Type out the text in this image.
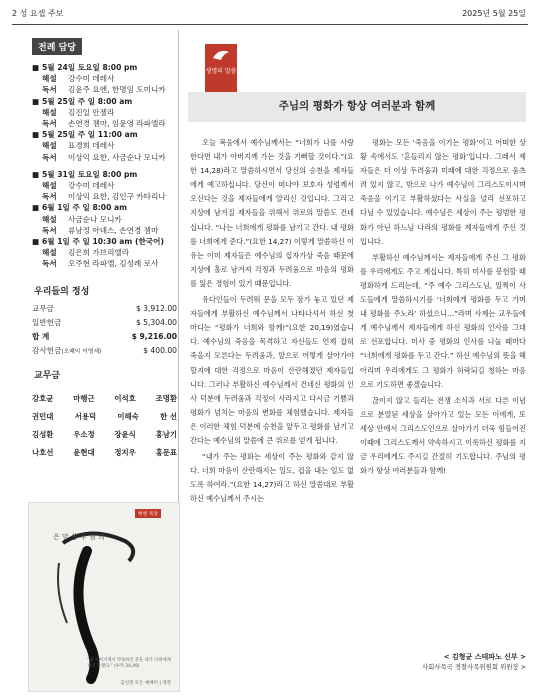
2 성 요셉 주보	2025년 5월 25일
전례 담당
■ 5월 24일 토요일 8:00 pm
해설	강수미 데레사
독서	김윤주 요엔, 한명임 도미니카
■ 5월 25일 주 일 8:00 am
해설	김진일 안젤라
독서	손연경 젬마, 임윤영 라파엘라
■ 5월 25일 주 일 11:00 am
해설	표경희 데레사
독서	이상익 요한, 사금순나 모니카
■ 5월 31일 토요일 8:00 pm
해설	강수미 데레사
독서	이상익 요한, 김인구 카타리나
■ 6월 1일 주 일 8:00 am
해설	사금순나 모니카
독서	류남정 아녜스, 손연경 젬마
■ 6월 1일 주 일 10:30 am (한국어)
해설	김은희 가브리엘라
독서	오주현 라파엘, 김성례 로사
우리들의 정성
교무금	$ 3,912.00
일반헌금	$ 5,304.00
합 계	$ 9,216.00
감사헌금(오패익 이영세)	$ 400.00
교무금
강호균	마행근	이석호	조명환
권민대	서용덕	이해숙	한 선
김성환	우소정	장윤식	홍남기
나호선	윤현대	정지우	홍문표
현현 묵상
은 말 씀 주 님 의
“내 아버지께서 약속하신 분을 내가 너희에게 보내 주겠다.” (루카 24,49)
김선정 모든 예배미 | 제작
생명의 말씀
주님의 평화가 항상 여러분과 함께

오늘 복음에서 예수님께서는 “너희가 나를 사랑한다면 내가 아버지께 가는 것을 기뻐할 것이다.”(요한 14,28)라고 말씀하시면서 당신의 승천을 제자들에게 예고하십니다. 당신이 떠나야 보호자 성령께서 오신다는 것을 제자들에게 알리신 것입니다. 그리고 지상에 남겨질 제자들을 위해서 위로의 말씀도 건네십니다. “나는 너희에게 평화를 남기고 간다. 내 평화를 너희에게 준다.”(요한 14,27) 이렇게 말씀하신 이유는 이미 제자들은 예수님의 십자가상 죽음 때문에 지상에 홀로 남겨져 걱정과 두려움으로 마음의 평화를 잃은 경험이 있기 때문입니다.

유다인들이 두려워 문을 모두 잠가 놓고 있던 제자들에게 부활하신 예수님께서 나타나셔서 하신 첫마디는 “평화가 너희와 함께!”(요한 20,19)였습니다. 예수님의 죽음을 목격하고 자신들도 언제 잡혀 죽을지 모른다는 두려움과, 앞으로 어떻게 살아가야 할지에 대한 걱정으로 마음이 산란해졌던 제자들입니다. 그러나 부활하신 예수님께서 건네신 평화의 인사 덕분에 두려움과 걱정이 사라지고 다시금 기쁨과 평화가 넘치는 마음의 변화를 체험했습니다. 제자들은 이러한 체험 덕분에 승천을 앞두고 평화를 남기고 간다는 예수님의 말씀에 큰 위로를 얻게 됩니다.

“내가 주는 평화는 세상이 주는 평화와 같지 않다. 너희 마음이 산란해지는 일도, 겁을 내는 일도 없도록 하여라.”(요한 14,27)라고 하신 말씀대로 부활하신 예수님께서 주시는

평화는 모든 ‘죽음을 이기는 평화’이고 어떠한 상황 속에서도 ‘흔들리지 않는 평화’입니다. 그래서 제자들은 더 이상 두려움과 미래에 대한 걱정으로 움츠려 있지 않고, 밖으로 나가 예수님이 그리스도이시며 죽음을 이기고 부활하셨다는 사실을 널리 선포하고 다닐 수 있었습니다. 예수님은 세상이 주는 평범한 평화가 아닌 하느님 나라의 평화를 제자들에게 주신 것입니다.

부활하신 예수님께서는 제자들에게 주신 그 평화를 우리에게도 주고 계십니다. 특히 미사를 봉헌할 때 평화하게 드리는데, “주 예수 그리스도님, 일찍이 사도들에게 말씀하시기를 ‘너희에게 평화를 두고 가며 내 평화를 주노라’ 하셨으니…”라며 사제는 교우들에게 예수님께서 제자들에게 하신 평화의 인사를 그대로 선포합니다. 미사 중 평화의 인사를 나눌 때마다 “너희에게 평화를 두고 간다.” 하신 예수님의 뜻을 헤아리며 우리에게도 그 평화가 허락되길 청하는 마음으로 기도하면 좋겠습니다.

끊이지 않고 들리는 전쟁 소식과 서로 다른 이념으로 분열된 세상을 살아가고 있는 모든 이에게, 또 세상 안에서 그리스도인으로 살아가기 더욱 힘들어진 이때에 그리스도께서 약속하시고 이룩하신 평화를 지금 우리에게도 주시길 간절히 기도합니다. 주님의 평화가 항상 여러분들과 함께!

< 김형균 스테파노 신부 >
사회사목국 경찰사목위원회 위원장 >
